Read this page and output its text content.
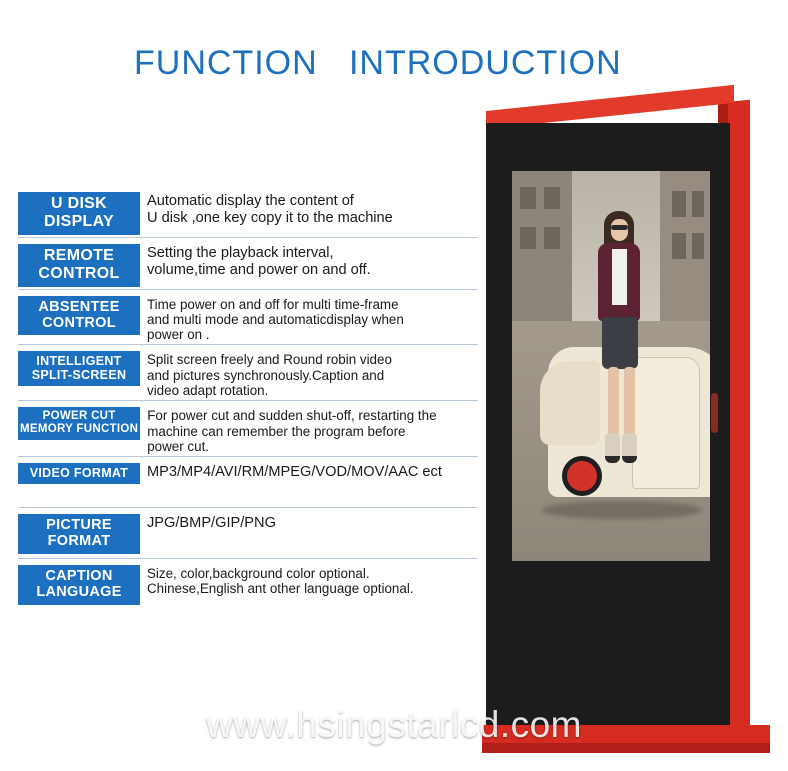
FUNCTION   INTRODUCTION
U DISK
DISPLAY
Automatic display the content of
U disk ,one key copy it to the machine
REMOTE
CONTROL
Setting the playback interval,
volume,time and power on and off.
ABSENTEE
CONTROL
Time power on and off for multi time-frame
and multi mode and automaticdisplay when
power on .
INTELLIGENT
SPLIT-SCREEN
Split screen freely and Round robin video
and pictures synchronously.Caption and
video adapt rotation.
POWER CUT
MEMORY FUNCTION
For power cut and sudden shut-off, restarting the
machine can remember the program before
power cut.
VIDEO FORMAT	MP3/MP4/AVI/RM/MPEG/VOD/MOV/AAC ect
PICTURE
FORMAT
JPG/BMP/GIP/PNG
CAPTION
LANGUAGE
Size, color,background color optional.
Chinese,English ant other language optional.
www.hsingstarlcd.com
